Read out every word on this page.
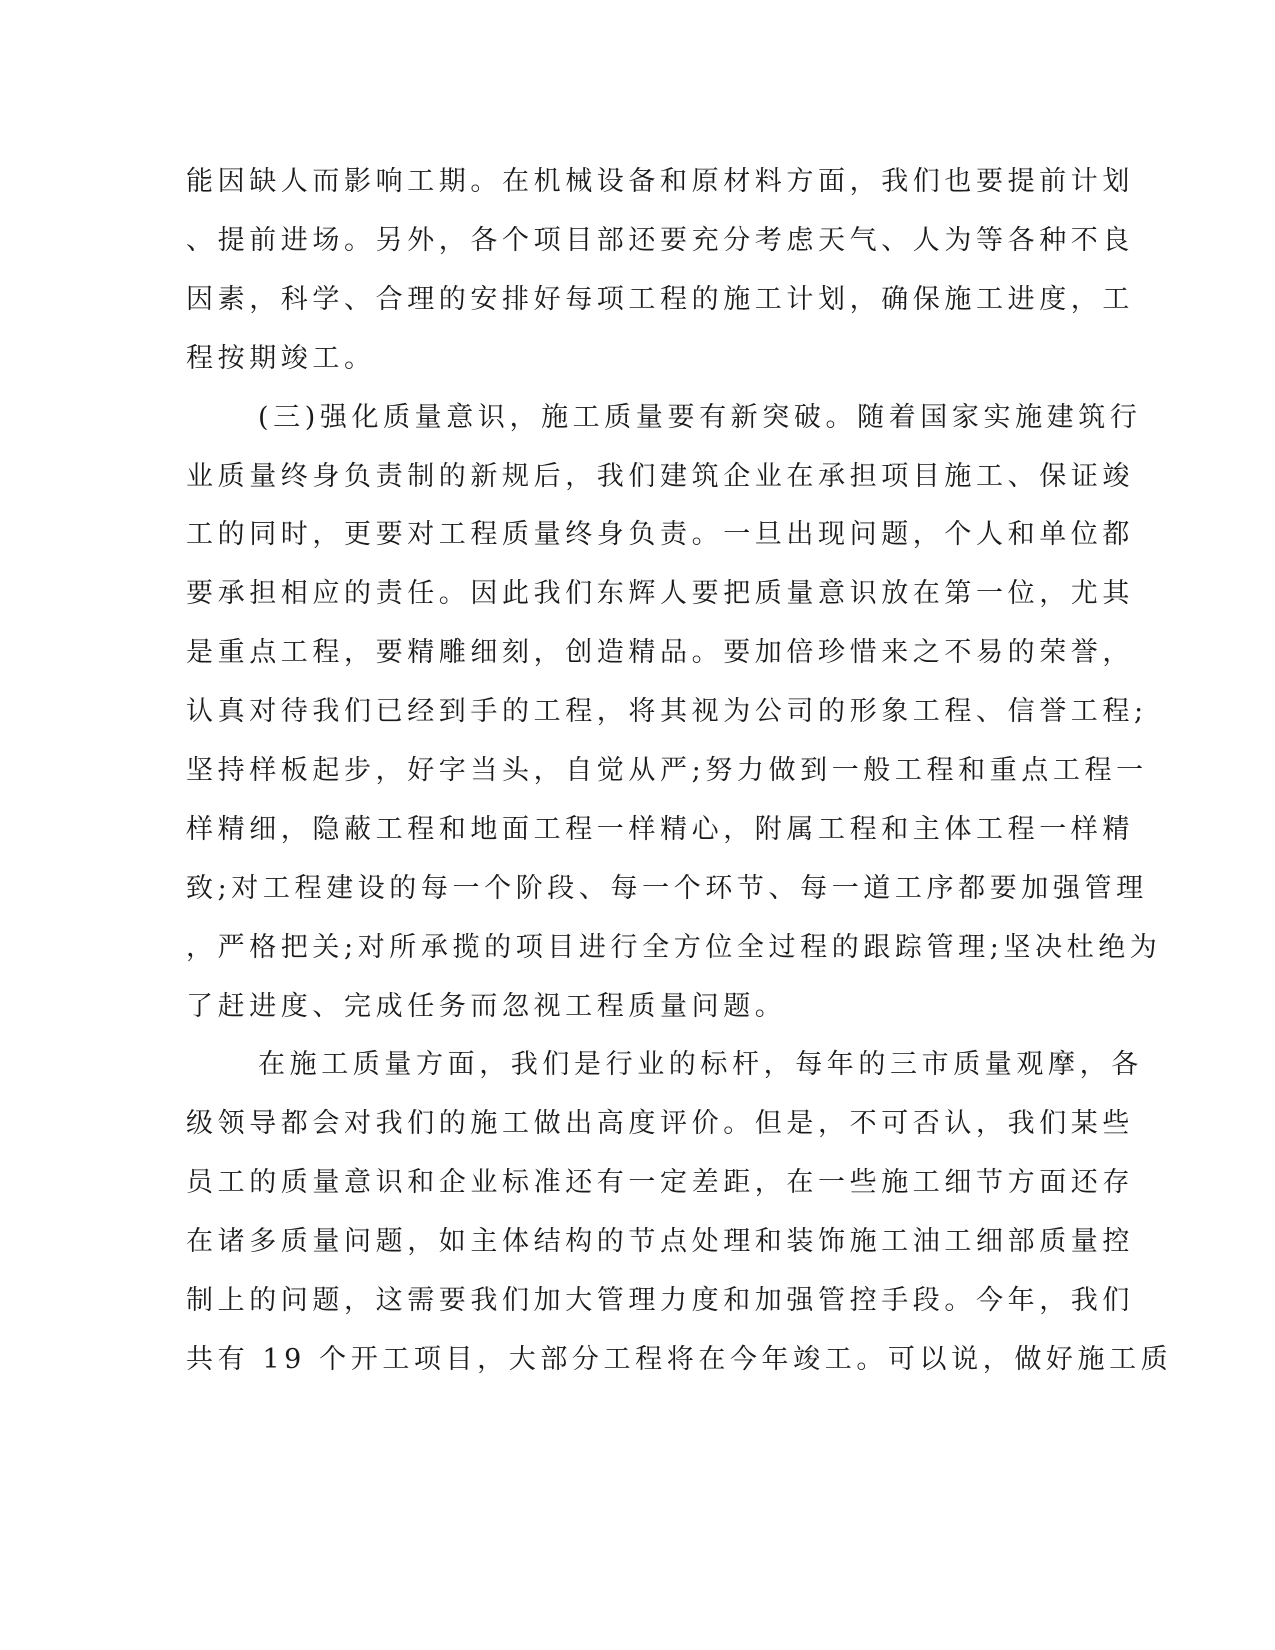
能因缺人而影响工期。在机械设备和原材料方面，我们也要提前计划
、提前进场。另外，各个项目部还要充分考虑天气、人为等各种不良
因素，科学、合理的安排好每项工程的施工计划，确保施工进度，工
程按期竣工。
(三)强化质量意识，施工质量要有新突破。随着国家实施建筑行
业质量终身负责制的新规后，我们建筑企业在承担项目施工、保证竣
工的同时，更要对工程质量终身负责。一旦出现问题，个人和单位都
要承担相应的责任。因此我们东辉人要把质量意识放在第一位，尤其
是重点工程，要精雕细刻，创造精品。要加倍珍惜来之不易的荣誉，
认真对待我们已经到手的工程，将其视为公司的形象工程、信誉工程;
坚持样板起步，好字当头，自觉从严;努力做到一般工程和重点工程一
样精细，隐蔽工程和地面工程一样精心，附属工程和主体工程一样精
致;对工程建设的每一个阶段、每一个环节、每一道工序都要加强管理
，严格把关;对所承揽的项目进行全方位全过程的跟踪管理;坚决杜绝为
了赶进度、完成任务而忽视工程质量问题。
在施工质量方面，我们是行业的标杆，每年的三市质量观摩，各
级领导都会对我们的施工做出高度评价。但是，不可否认，我们某些
员工的质量意识和企业标准还有一定差距，在一些施工细节方面还存
在诸多质量问题，如主体结构的节点处理和装饰施工油工细部质量控
制上的问题，这需要我们加大管理力度和加强管控手段。今年，我们
共有 19 个开工项目，大部分工程将在今年竣工。可以说，做好施工质
